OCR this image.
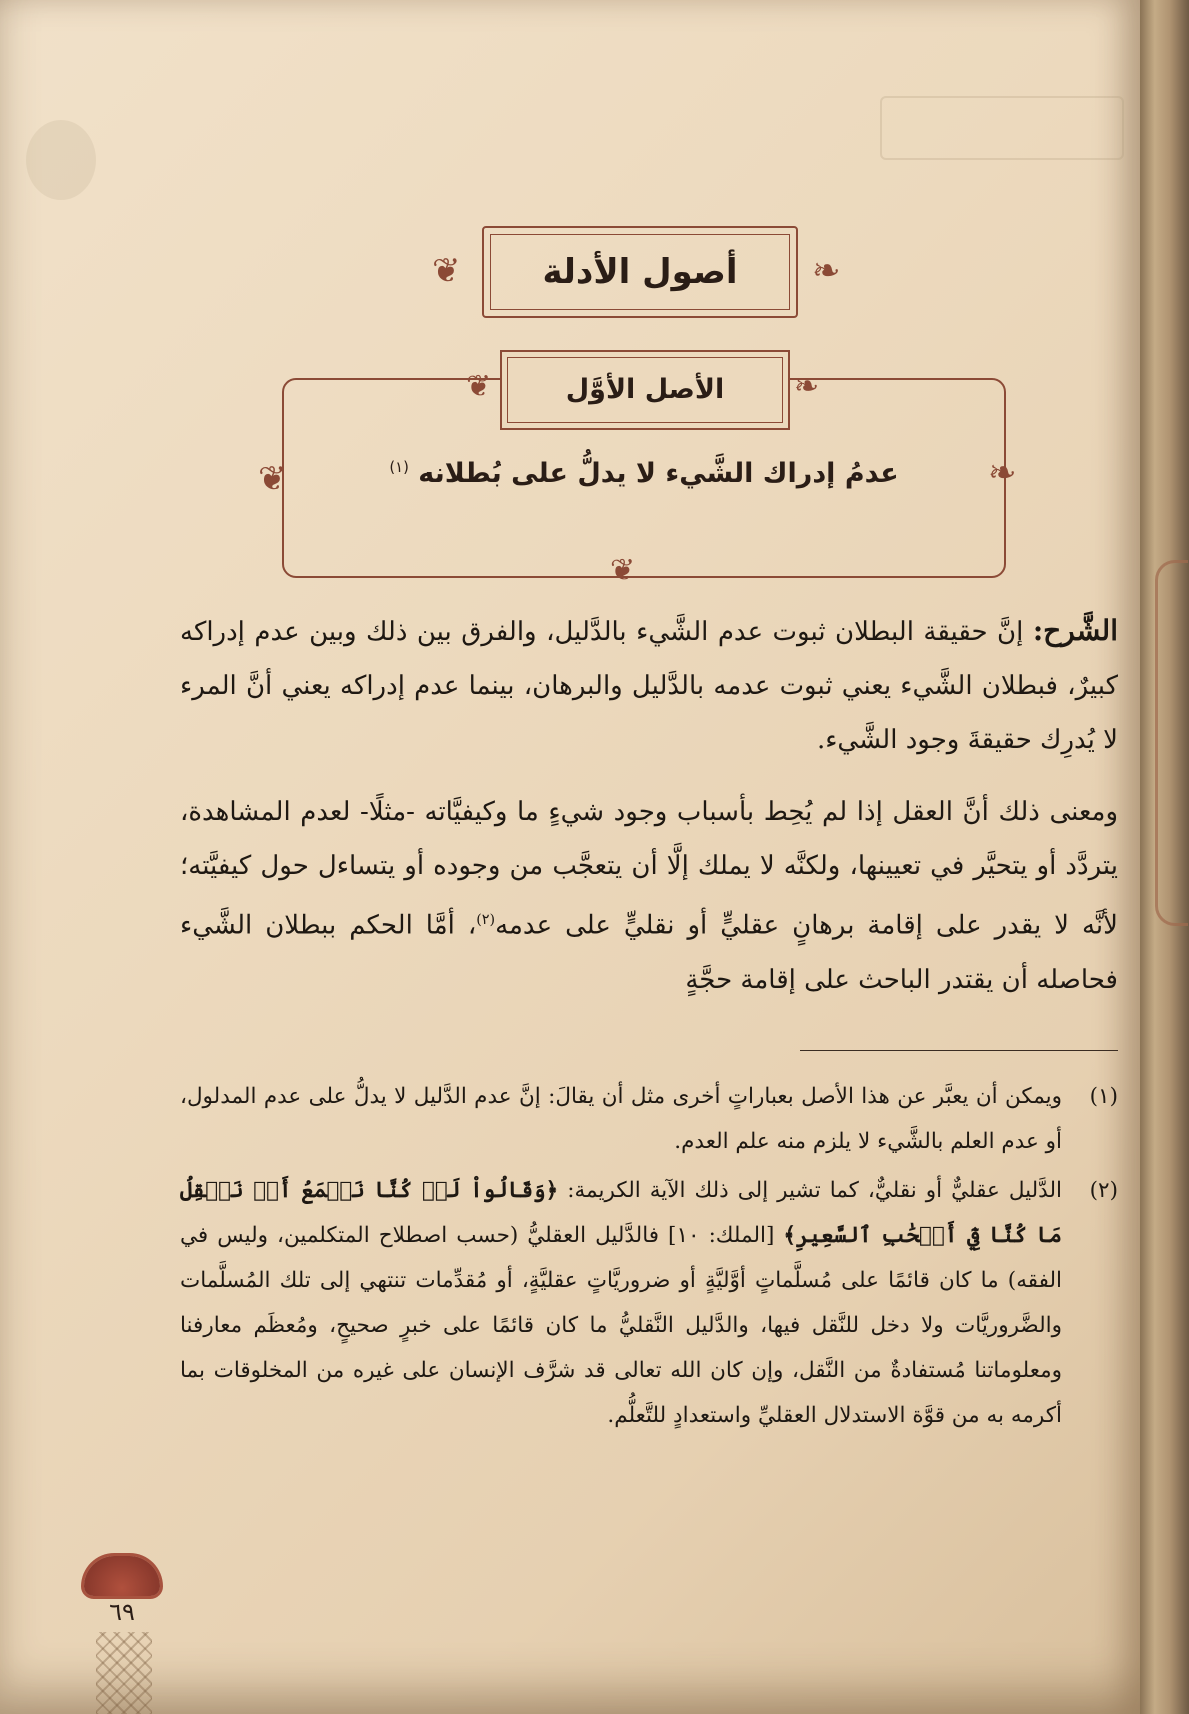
❦	❧
أصول الأدلة
❦	❧
❦
❦	❧
الأصل الأوَّل
عدمُ إدراك الشَّيء لا يدلُّ على بُطلانه $^{(١)}$

الشَّرح: إنَّ حقيقة البطلان ثبوت عدم الشَّيء بالدَّليل، والفرق بين ذلك وبين عدم إدراكه كبيرٌ، فبطلان الشَّيء يعني ثبوت عدمه بالدَّليل والبرهان، بينما عدم إدراكه يعني أنَّ المرء لا يُدرِك حقيقةَ وجود الشَّيء.

ومعنى ذلك أنَّ العقل إذا لم يُحِط بأسباب وجود شيءٍ ما وكيفيَّاته -مثلًا- لعدم المشاهدة، يتردَّد أو يتحيَّر في تعيينها، ولكنَّه لا يملك إلَّا أن يتعجَّب من وجوده أو يتساءل حول كيفيَّته؛ لأنَّه لا يقدر على إقامة برهانٍ عقليٍّ أو نقليٍّ على عدمه$^{(٢)}$، أمَّا الحكم ببطلان الشَّيء فحاصله أن يقتدر الباحث على إقامة حجَّةٍ

(١)
ويمكن أن يعبَّر عن هذا الأصل بعباراتٍ أخرى مثل أن يقالَ: إنَّ عدم الدَّليل لا يدلُّ على عدم المدلول، أو عدم العلم بالشَّيء لا يلزم منه علم العدم.
(٢)
الدَّليل عقليٌّ أو نقليٌّ، كما تشير إلى ذلك الآية الكريمة: ﴿وَقَالُواْ لَوۡ كُنَّا نَسۡمَعُ أَوۡ نَعۡقِلُ مَا كُنَّا فِيٓ أَصۡحَٰبِ ٱلسَّعِيرِ﴾ [الملك: ١٠] فالدَّليل العقليُّ (حسب اصطلاح المتكلمين، وليس في الفقه) ما كان قائمًا على مُسلَّماتٍ أوَّليَّةٍ أو ضروريَّاتٍ عقليَّةٍ، أو مُقدِّمات تنتهي إلى تلك المُسلَّمات والضَّروريَّات ولا دخل للنَّقل فيها، والدَّليل النَّقليُّ ما كان قائمًا على خبرٍ صحيحٍ، ومُعظَم معارفنا ومعلوماتنا مُستفادةٌ من النَّقل، وإن كان الله تعالى قد شرَّف الإنسان على غيره من المخلوقات بما أكرمه به من قوَّة الاستدلال العقليِّ واستعدادٍ للتَّعلُّم.
٦٩
